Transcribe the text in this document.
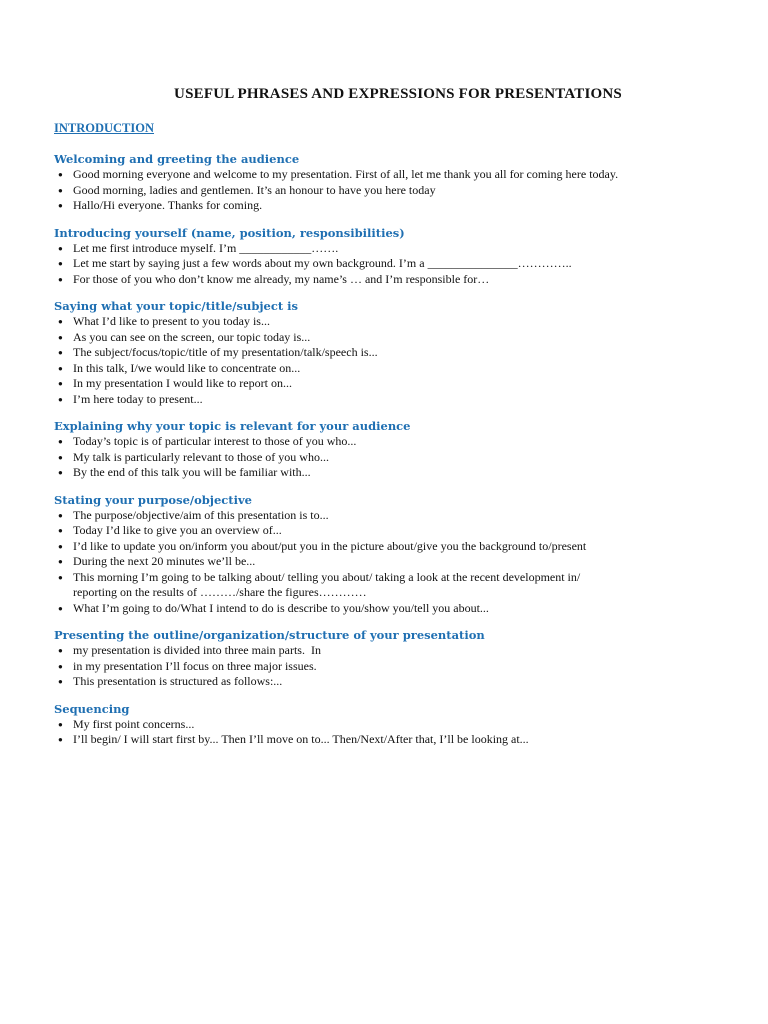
USEFUL PHRASES AND EXPRESSIONS FOR PRESENTATIONS
INTRODUCTION
Welcoming and greeting the audience
● Good morning everyone and welcome to my presentation. First of all, let me thank you all for coming here today.
● Good morning, ladies and gentlemen. It’s an honour to have you here today
● Hallo/Hi everyone. Thanks for coming.
Introducing yourself (name, position, responsibilities)
● Let me first introduce myself. I’m ____________…….
● Let me start by saying just a few words about my own background. I’m a _______________…………..
● For those of you who don’t know me already, my name’s … and I’m responsible for…
Saying what your topic/title/subject is
● What I’d like to present to you today is...
● As you can see on the screen, our topic today is...
● The subject/focus/topic/title of my presentation/talk/speech is...
● In this talk, I/we would like to concentrate on...
● In my presentation I would like to report on...
● I’m here today to present...
Explaining why your topic is relevant for your audience
● Today’s topic is of particular interest to those of you who...
● My talk is particularly relevant to those of you who...
● By the end of this talk you will be familiar with...
Stating your purpose/objective
● The purpose/objective/aim of this presentation is to...
● Today I’d like to give you an overview of...
● I’d like to update you on/inform you about/put you in the picture about/give you the background to/present
● During the next 20 minutes we’ll be...
● This morning I’m going to be talking about/ telling you about/ taking a look at the recent development in/
reporting on the results of ………/share the figures…………
● What I’m going to do/What I intend to do is describe to you/show you/tell you about...
Presenting the outline/organization/structure of your presentation
● my presentation is divided into three main parts.  In
● in my presentation I’ll focus on three major issues.
● This presentation is structured as follows:...
Sequencing
● My first point concerns...
● I’ll begin/ I will start first by... Then I’ll move on to... Then/Next/After that, I’ll be looking at...
